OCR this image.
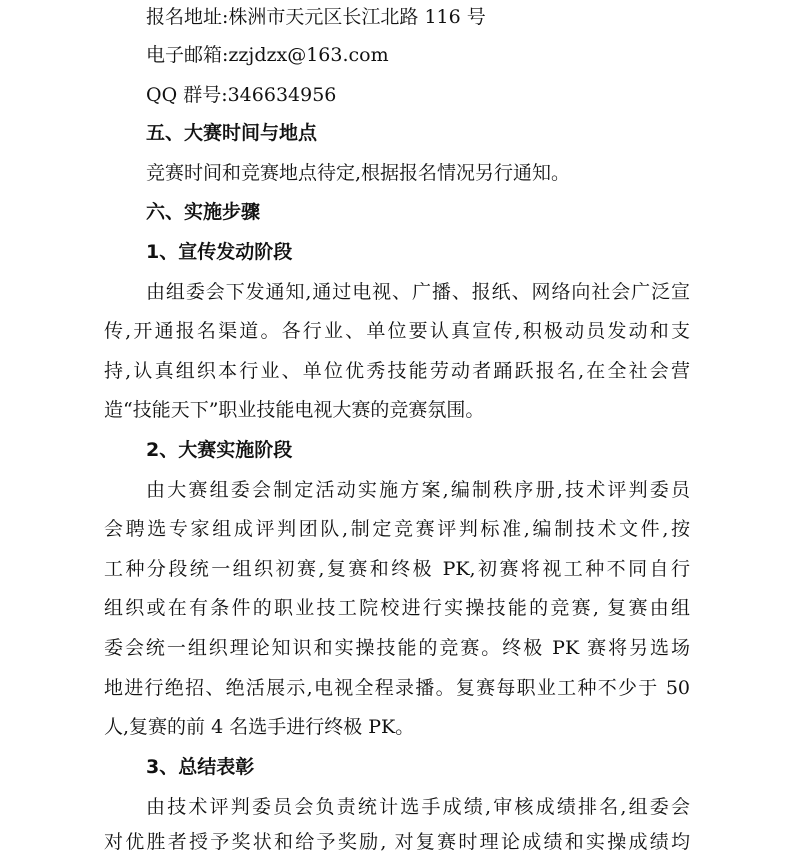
报名地址:株洲市天元区长江北路 116 号
电子邮箱:zzjdzx@163.com
QQ 群号:346634956
五、大赛时间与地点
竞赛时间和竞赛地点待定,根据报名情况另行通知。
六、实施步骤
1、宣传发动阶段
由组委会下发通知,通过电视、广播、报纸、网络向社会广泛宣
传,开通报名渠道。各行业、单位要认真宣传,积极动员发动和支
持,认真组织本行业、单位优秀技能劳动者踊跃报名,在全社会营
造“技能天下”职业技能电视大赛的竞赛氛围。
2、大赛实施阶段
由大赛组委会制定活动实施方案,编制秩序册,技术评判委员
会聘选专家组成评判团队,制定竞赛评判标准,编制技术文件,按
工种分段统一组织初赛,复赛和终极 PK,初赛将视工种不同自行
组织或在有条件的职业技工院校进行实操技能的竞赛, 复赛由组
委会统一组织理论知识和实操技能的竞赛。终极 PK 赛将另选场
地进行绝招、绝活展示,电视全程录播。复赛每职业工种不少于 50
人,复赛的前 4 名选手进行终极 PK。
3、总结表彰
由技术评判委员会负责统计选手成绩,审核成绩排名,组委会
对优胜者授予奖状和给予奖励, 对复赛时理论成绩和实操成绩均
